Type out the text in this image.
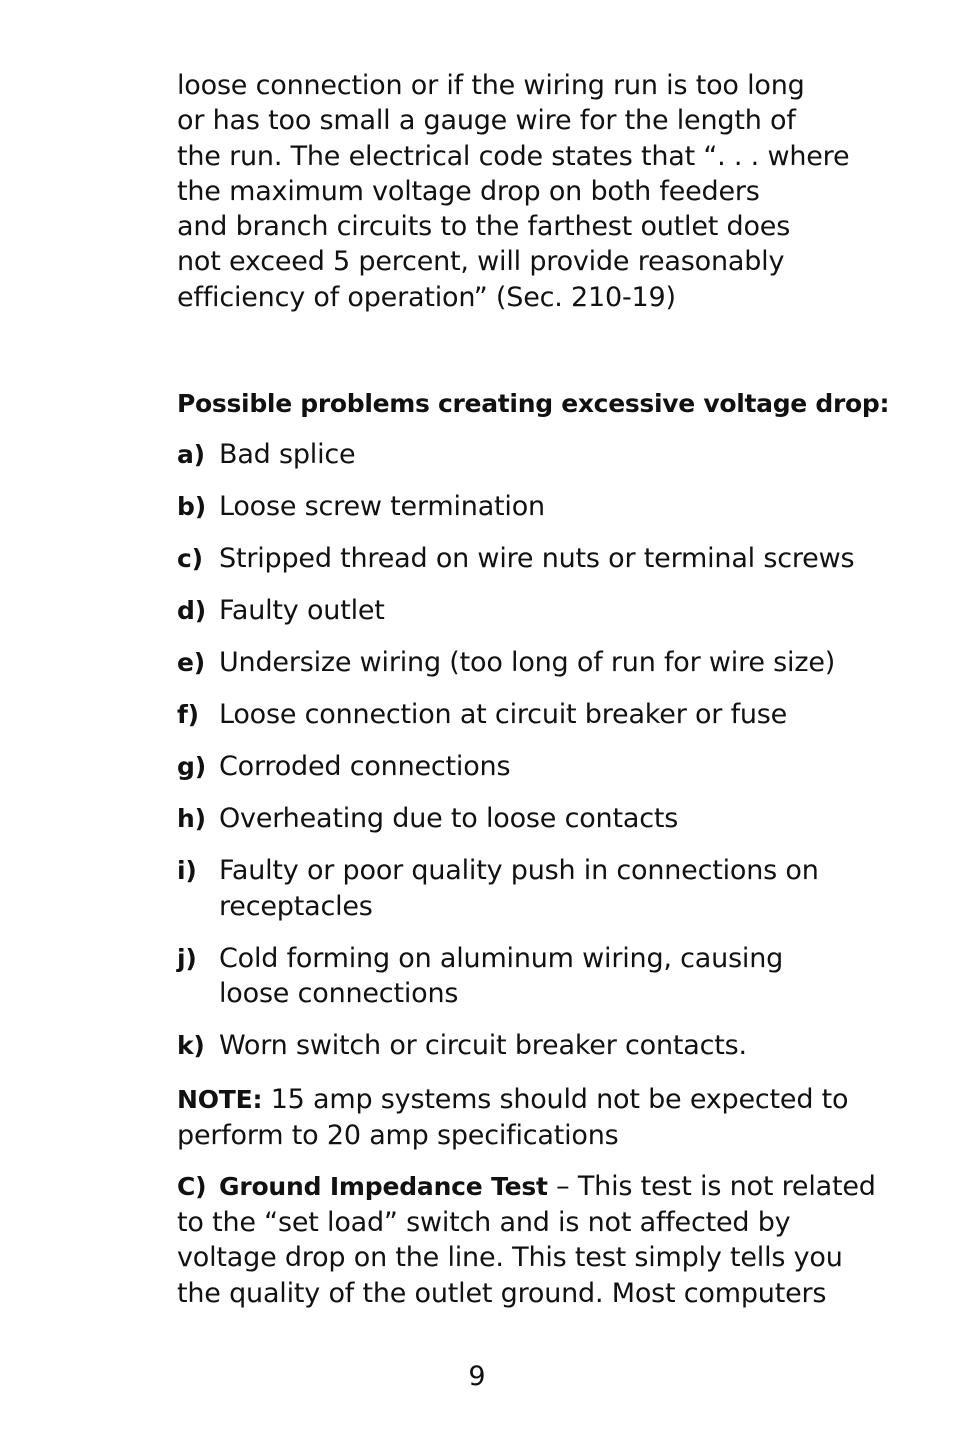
loose connection or if the wiring run is too long
or has too small a gauge wire for the length of
the run. The electrical code states that “. . . where
the maximum voltage drop on both feeders
and branch circuits to the farthest outlet does
not exceed 5 percent, will provide reasonably
efficiency of operation” (Sec. 210-19)

Possible problems creating excessive voltage drop:

a) Bad splice
b) Loose screw termination
c) Stripped thread on wire nuts or terminal screws
d) Faulty outlet
e) Undersize wiring (too long of run for wire size)
f) Loose connection at circuit breaker or fuse
g) Corroded connections
h) Overheating due to loose contacts
i) Faulty or poor quality push in connections on
receptacles
j) Cold forming on aluminum wiring, causing
loose connections
k) Worn switch or circuit breaker contacts.

NOTE: 15 amp systems should not be expected to
perform to 20 amp specifications

C) Ground Impedance Test – This test is not related
to the “set load” switch and is not affected by
voltage drop on the line. This test simply tells you
the quality of the outlet ground. Most computers

9
